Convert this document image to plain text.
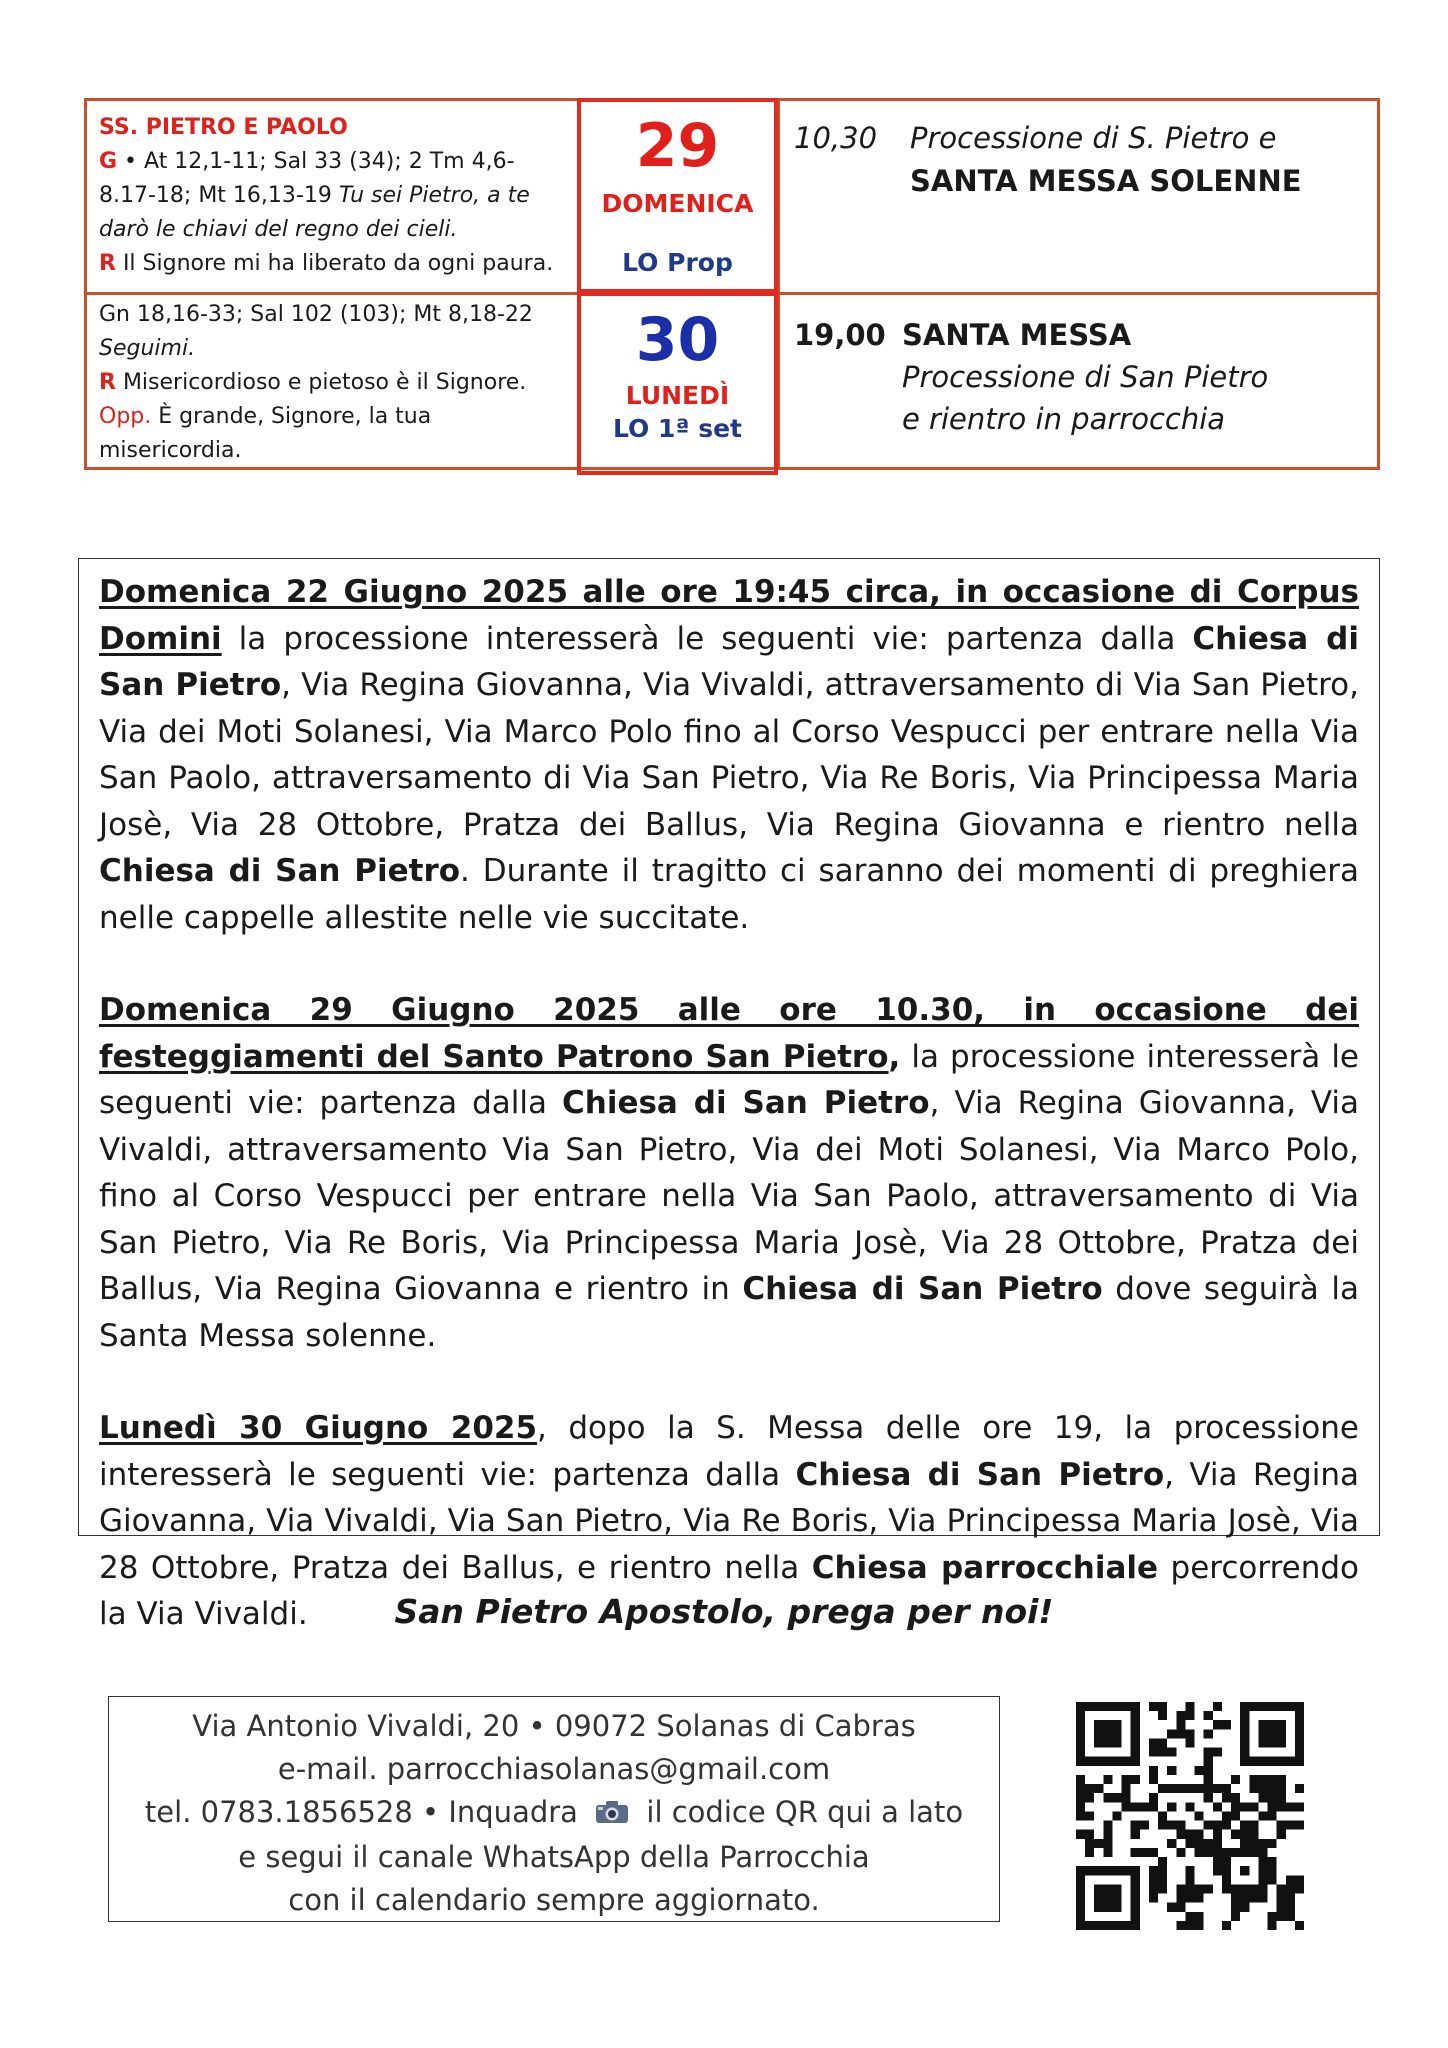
SS. PIETRO E PAOLO
G • At 12,1-11; Sal 33 (34); 2 Tm 4,6-8.17-18; Mt 16,13-19 Tu sei Pietro, a te darò le chiavi del regno dei cieli.
R Il Signore mi ha liberato da ogni paura.
10,30 Processione di S. Pietro e
SANTA MESSA SOLENNE
Gn 18,16-33; Sal 102 (103); Mt 8,18-22
Seguimi.
R Misericordioso e pietoso è il Signore.
Opp. È grande, Signore, la tua misericordia.
19,00 SANTA MESSA
Processione di San Pietro
e rientro in parrocchia
29
DOMENICA
LO Prop
30
LUNEDÌ
LO 1ª set

Domenica 22 Giugno 2025 alle ore 19:45 circa, in occasione di Corpus Domini la processione interesserà le seguenti vie: partenza dalla Chiesa di San Pietro, Via Regina Giovanna, Via Vivaldi, attraversamento di Via San Pietro, Via dei Moti Solanesi, Via Marco Polo fino al Corso Vespucci per entrare nella Via San Paolo, attraversamento di Via San Pietro, Via Re Boris, Via Principessa Maria Josè, Via 28 Ottobre, Pratza dei Ballus, Via Regina Giovanna e rientro nella Chiesa di San Pietro. Durante il tragitto ci saranno dei momenti di preghiera nelle cappelle allestite nelle vie succitate.

Domenica 29 Giugno 2025 alle ore 10.30, in occasione dei festeggiamenti del Santo Patrono San Pietro, la processione interesserà le seguenti vie: partenza dalla Chiesa di San Pietro, Via Regina Giovanna, Via Vivaldi, attraversamento Via San Pietro, Via dei Moti Solanesi, Via Marco Polo, fino al Corso Vespucci per entrare nella Via San Paolo, attraversamento di Via San Pietro, Via Re Boris, Via Principessa Maria Josè, Via 28 Ottobre, Pratza dei Ballus, Via Regina Giovanna e rientro in Chiesa di San Pietro dove seguirà la Santa Messa solenne.

Lunedì 30 Giugno 2025, dopo la S. Messa delle ore 19, la processione interesserà le seguenti vie: partenza dalla Chiesa di San Pietro, Via Regina Giovanna, Via Vivaldi, Via San Pietro, Via Re Boris, Via Principessa Maria Josè, Via 28 Ottobre, Pratza dei Ballus, e rientro nella Chiesa parrocchiale percorrendo la Via Vivaldi.	San Pietro Apostolo, prega per noi!
Via Antonio Vivaldi, 20 • 09072 Solanas di Cabras
e-mail. parrocchiasolanas@gmail.com
tel. 0783.1856528 • Inquadra il codice QR qui a lato
e segui il canale WhatsApp della Parrocchia
con il calendario sempre aggiornato.
